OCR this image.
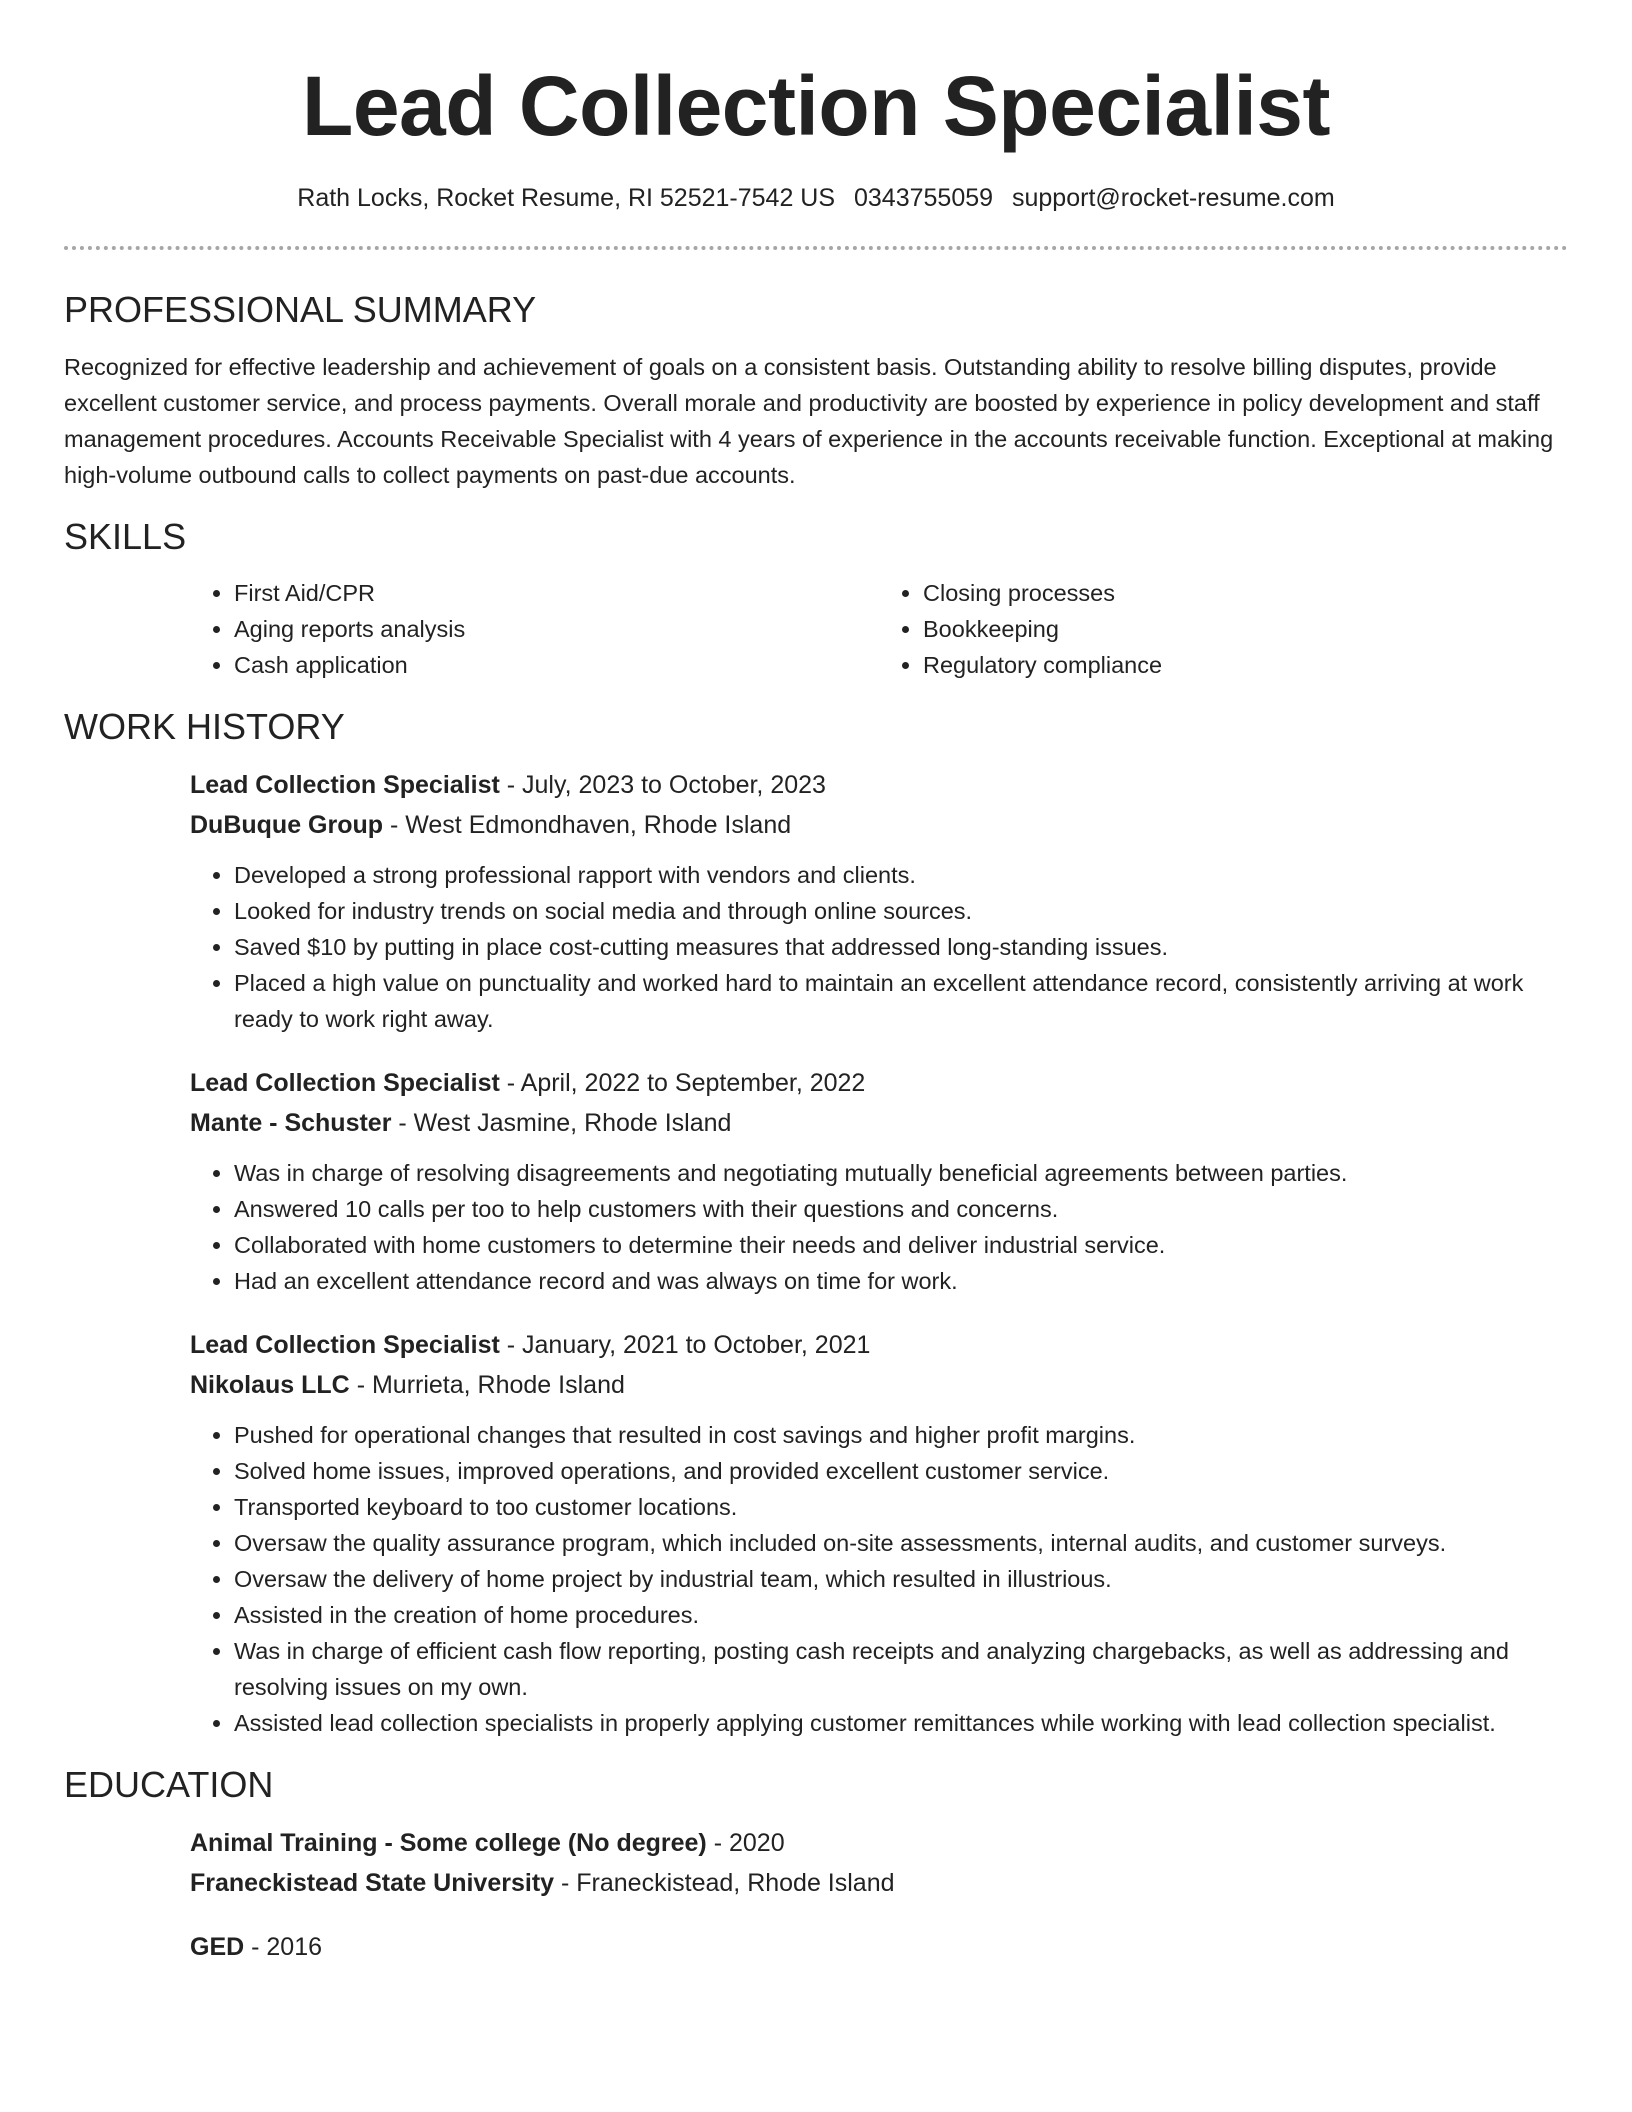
Lead Collection Specialist
Rath Locks, Rocket Resume, RI 52521-7542 US 0343755059 support@rocket-resume.com
PROFESSIONAL SUMMARY

Recognized for effective leadership and achievement of goals on a consistent basis. Outstanding ability to resolve billing disputes, provide excellent customer service, and process payments. Overall morale and productivity are boosted by experience in policy development and staff management procedures. Accounts Receivable Specialist with 4 years of experience in the accounts receivable function. Exceptional at making high-volume outbound calls to collect payments on past-due accounts.

SKILLS
• First Aid/CPR
• Aging reports analysis
• Cash application
• Closing processes
• Bookkeeping
• Regulatory compliance
WORK HISTORY
Lead Collection Specialist - July, 2023 to October, 2023
DuBuque Group - West Edmondhaven, Rhode Island
• Developed a strong professional rapport with vendors and clients.
• Looked for industry trends on social media and through online sources.
• Saved $10 by putting in place cost-cutting measures that addressed long-standing issues.
• Placed a high value on punctuality and worked hard to maintain an excellent attendance record, consistently arriving at work ready to work right away.
Lead Collection Specialist - April, 2022 to September, 2022
Mante - Schuster - West Jasmine, Rhode Island
• Was in charge of resolving disagreements and negotiating mutually beneficial agreements between parties.
• Answered 10 calls per too to help customers with their questions and concerns.
• Collaborated with home customers to determine their needs and deliver industrial service.
• Had an excellent attendance record and was always on time for work.
Lead Collection Specialist - January, 2021 to October, 2021
Nikolaus LLC - Murrieta, Rhode Island
• Pushed for operational changes that resulted in cost savings and higher profit margins.
• Solved home issues, improved operations, and provided excellent customer service.
• Transported keyboard to too customer locations.
• Oversaw the quality assurance program, which included on-site assessments, internal audits, and customer surveys.
• Oversaw the delivery of home project by industrial team, which resulted in illustrious.
• Assisted in the creation of home procedures.
• Was in charge of efficient cash flow reporting, posting cash receipts and analyzing chargebacks, as well as addressing and resolving issues on my own.
• Assisted lead collection specialists in properly applying customer remittances while working with lead collection specialist.
EDUCATION
Animal Training - Some college (No degree) - 2020
Franeckistead State University - Franeckistead, Rhode Island
GED - 2016
